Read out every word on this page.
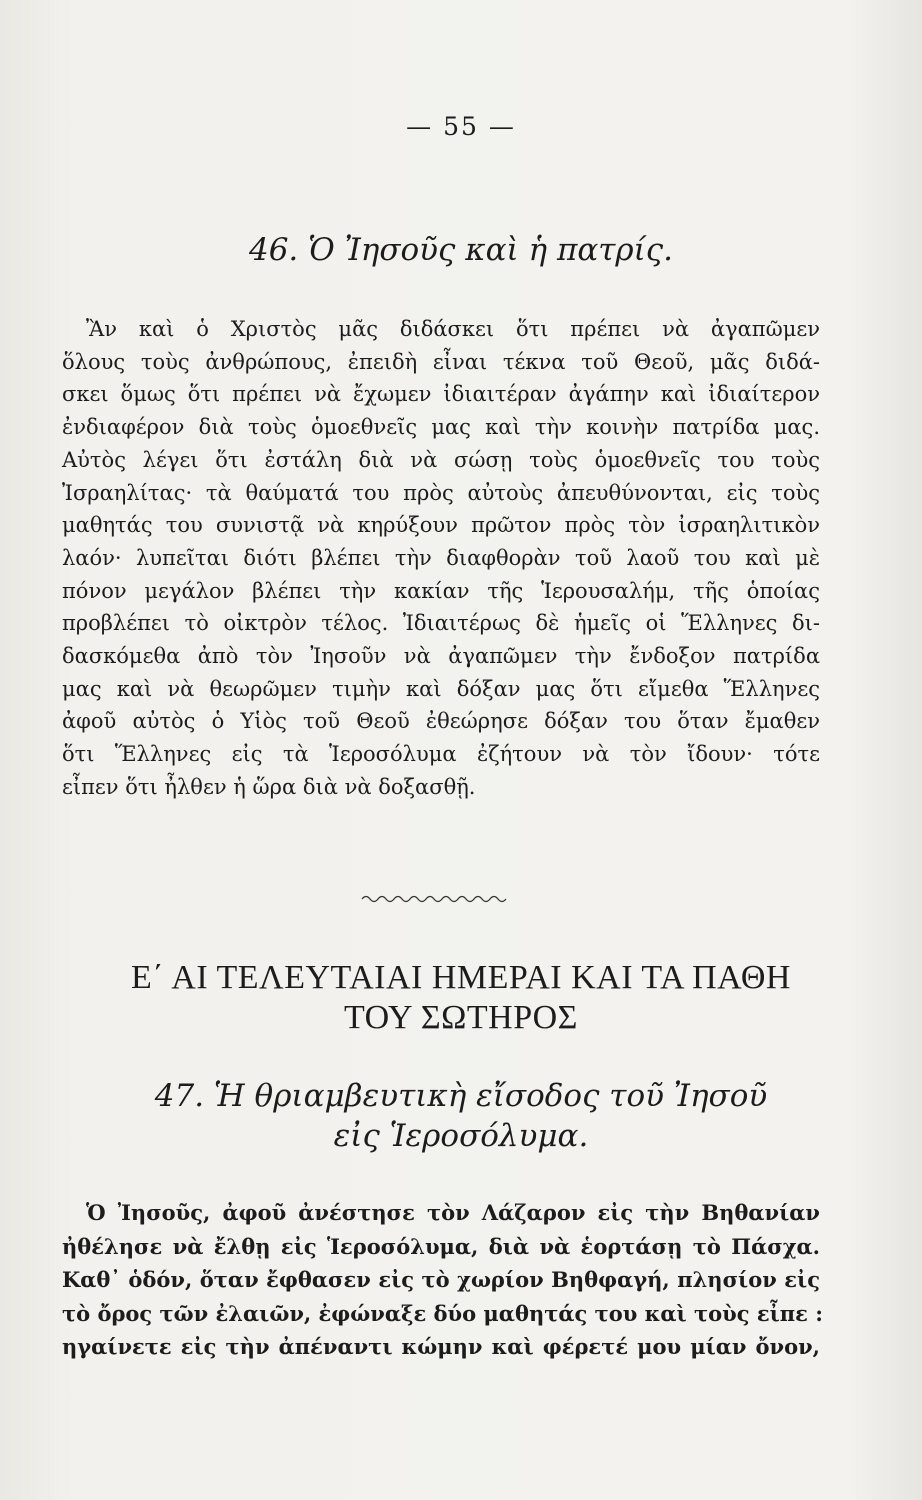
— 55 —
46. Ὁ Ἰησοῦς καὶ ἡ πατρίς.
Ἂν καὶ ὁ Χριστὸς μᾶς διδάσκει ὅτι πρέπει νὰ ἀγαπῶμεν
ὅλους τοὺς ἀνθρώπους, ἐπειδὴ εἶναι τέκνα τοῦ Θεοῦ, μᾶς διδά-
σκει ὅμως ὅτι πρέπει νὰ ἔχωμεν ἰδιαιτέραν ἀγάπην καὶ ἰδιαίτερον
ἐνδιαφέρον διὰ τοὺς ὁμοεθνεῖς μας καὶ τὴν κοινὴν πατρίδα μας.
Αὐτὸς λέγει ὅτι ἐστάλη διὰ νὰ σώσῃ τοὺς ὁμοεθνεῖς του τοὺς
Ἰσραηλίτας· τὰ θαύματά του πρὸς αὐτοὺς ἀπευθύνονται, εἰς τοὺς
μαθητάς του συνιστᾷ νὰ κηρύξουν πρῶτον πρὸς τὸν ἰσραηλιτικὸν
λαόν· λυπεῖται διότι βλέπει τὴν διαφθορὰν τοῦ λαοῦ του καὶ μὲ
πόνον μεγάλον βλέπει τὴν κακίαν τῆς Ἱερουσαλήμ, τῆς ὁποίας
προβλέπει τὸ οἰκτρὸν τέλος. Ἰδιαιτέρως δὲ ἡμεῖς οἱ Ἕλληνες δι-
δασκόμεθα ἀπὸ τὸν Ἰησοῦν νὰ ἀγαπῶμεν τὴν ἔνδοξον πατρίδα
μας καὶ νὰ θεωρῶμεν τιμὴν καὶ δόξαν μας ὅτι εἴμεθα Ἕλληνες
ἀφοῦ αὐτὸς ὁ Υἱὸς τοῦ Θεοῦ ἐθεώρησε δόξαν του ὅταν ἔμαθεν
ὅτι Ἕλληνες εἰς τὰ Ἱεροσόλυμα ἐζήτουν νὰ τὸν ἴδουν· τότε
εἶπεν ὅτι ἦλθεν ἡ ὥρα διὰ νὰ δοξασθῇ.
Ε΄ ΑΙ ΤΕΛΕΥΤΑΙΑΙ ΗΜΕΡΑΙ ΚΑΙ ΤΑ ΠΑΘΗ
ΤΟΥ ΣΩΤΗΡΟΣ
47. Ἡ θριαμβευτικὴ εἴσοδος τοῦ Ἰησοῦ
εἰς Ἱεροσόλυμα.
Ὁ Ἰησοῦς, ἀφοῦ ἀνέστησε τὸν Λάζαρον εἰς τὴν Βηθανίαν
ἠθέλησε νὰ ἔλθῃ εἰς Ἱεροσόλυμα, διὰ νὰ ἑορτάσῃ τὸ Πάσχα.
Καθ᾽ ὁδόν, ὅταν ἔφθασεν εἰς τὸ χωρίον Βηθφαγή, πλησίον εἰς
τὸ ὄρος τῶν ἐλαιῶν, ἐφώναξε δύο μαθητάς του καὶ τοὺς εἶπε :
ηγαίνετε εἰς τὴν ἀπέναντι κώμην καὶ φέρετέ μου μίαν ὄνον,
